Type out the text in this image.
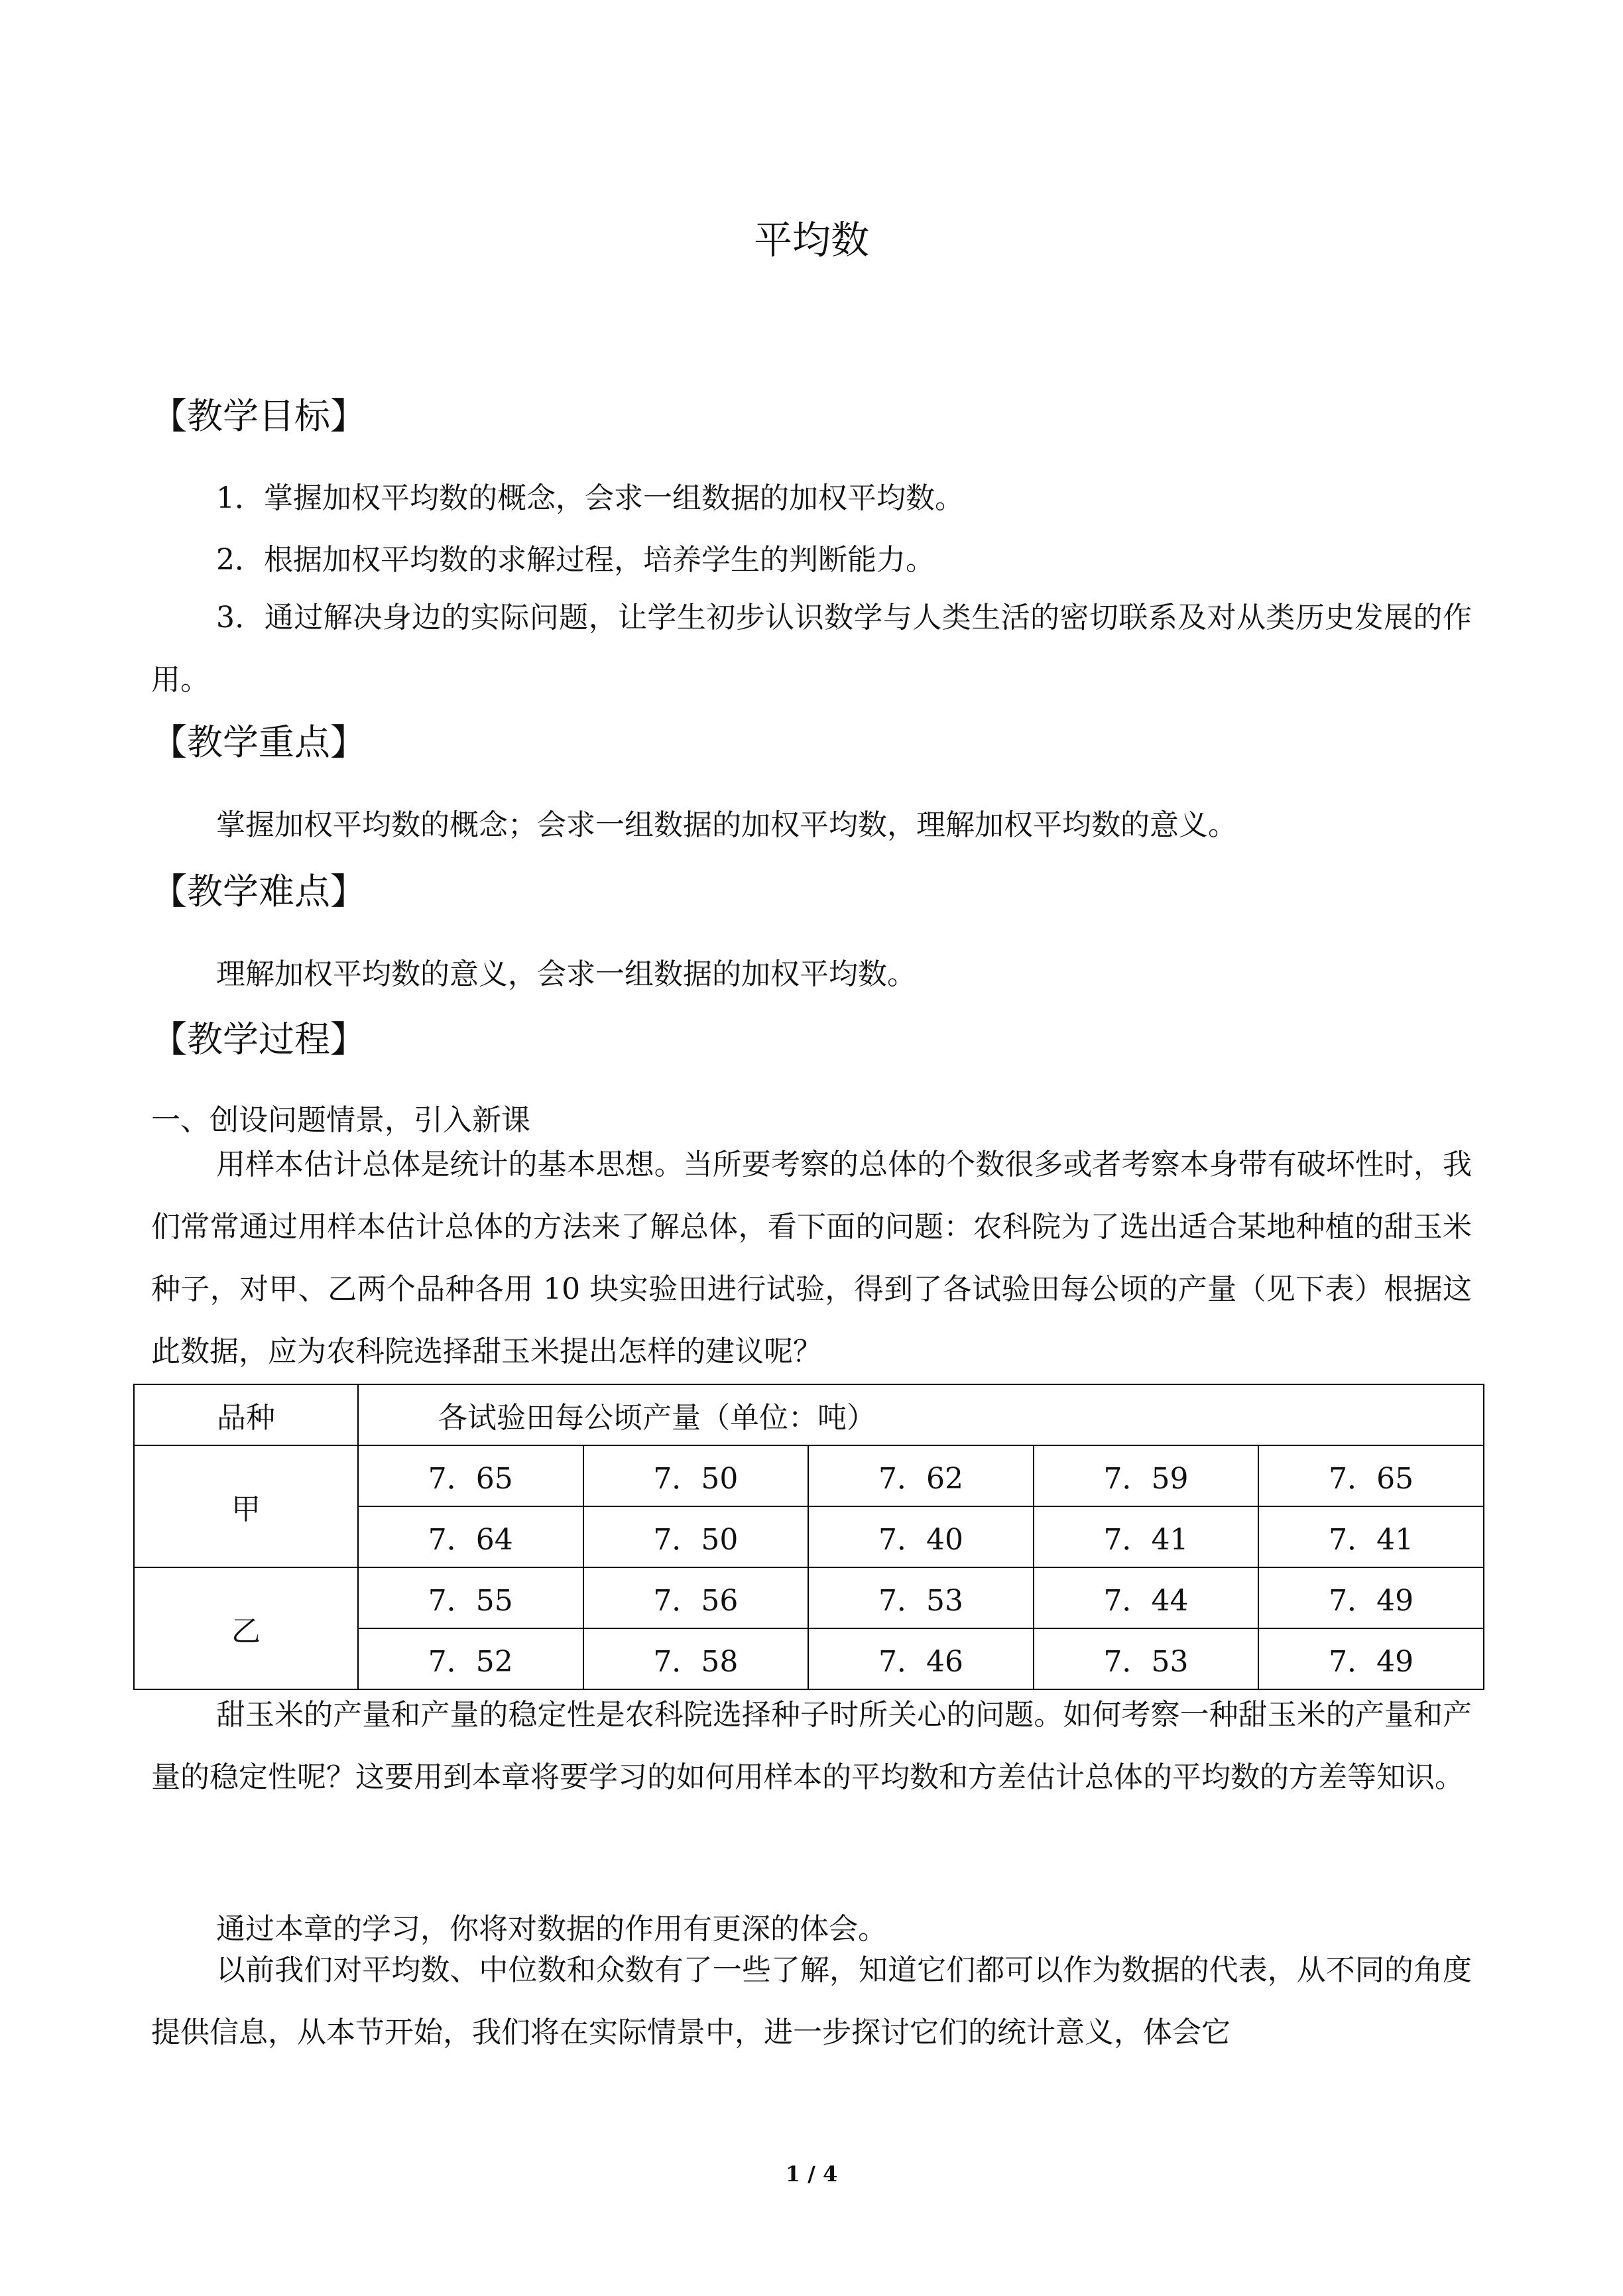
平均数
【教学目标】
1．掌握加权平均数的概念，会求一组数据的加权平均数。
2．根据加权平均数的求解过程，培养学生的判断能力。
3．通过解决身边的实际问题，让学生初步认识数学与人类生活的密切联系及对从类历史发展的作用。
【教学重点】
掌握加权平均数的概念；会求一组数据的加权平均数，理解加权平均数的意义。
【教学难点】
理解加权平均数的意义，会求一组数据的加权平均数。
【教学过程】
一、创设问题情景，引入新课
用样本估计总体是统计的基本思想。当所要考察的总体的个数很多或者考察本身带有破坏性时，我们常常通过用样本估计总体的方法来了解总体，看下面的问题：农科院为了选出适合某地种植的甜玉米种子，对甲、乙两个品种各用 10 块实验田进行试验，得到了各试验田每公顷的产量（见下表）根据这此数据，应为农科院选择甜玉米提出怎样的建议呢？
品种	各试验田每公顷产量（单位：吨）				
甲	7．65	7．50	7．62	7．59	7．65
	7．64	7．50	7．40	7．41	7．41
乙	7．55	7．56	7．53	7．44	7．49
	7．52	7．58	7．46	7．53	7．49
甜玉米的产量和产量的稳定性是农科院选择种子时所关心的问题。如何考察一种甜玉米的产量和产量的稳定性呢？这要用到本章将要学习的如何用样本的平均数和方差估计总体的平均数的方差等知识。
通过本章的学习，你将对数据的作用有更深的体会。
以前我们对平均数、中位数和众数有了一些了解，知道它们都可以作为数据的代表，从不同的角度提供信息，从本节开始，我们将在实际情景中，进一步探讨它们的统计意义，体会它
1 / 4
